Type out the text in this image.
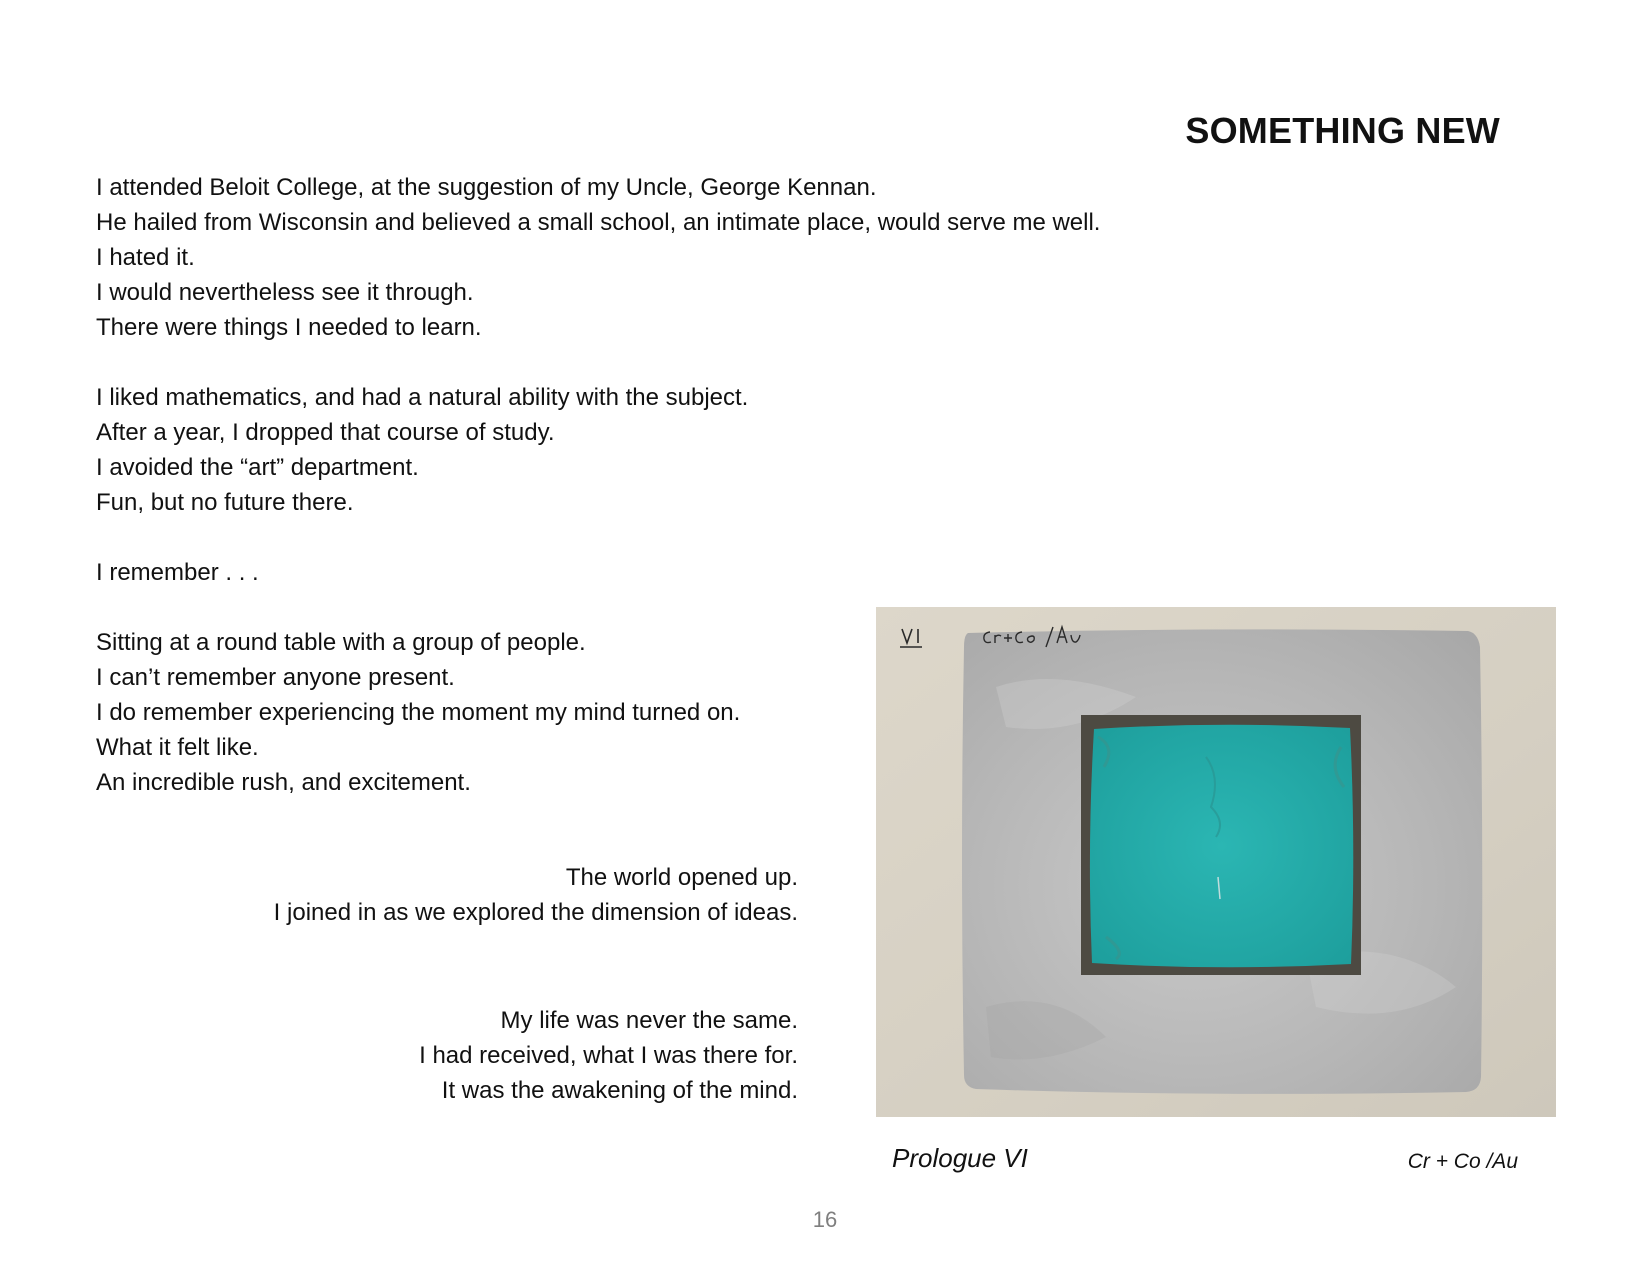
SOMETHING NEW

I attended Beloit College, at the suggestion of my Uncle, George Kennan.
He hailed from Wisconsin and believed a small school, an intimate place, would serve me well.
I hated it.
I would nevertheless see it through.
There were things I needed to learn.

I liked mathematics, and had a natural ability with the subject.
After a year, I dropped that course of study.
I avoided the “art” department.
Fun, but no future there.

I remember . . .

Sitting at a round table with a group of people.
I can’t remember anyone present.
I do remember experiencing the moment my mind turned on.
What it felt like.
An incredible rush, and excitement.

The world opened up.
I joined in as we explored the dimension of ideas.
My life was never the same.
I had received, what I was there for.
It was the awakening of the mind.
Prologue VI	Cr + Co /Au
16
